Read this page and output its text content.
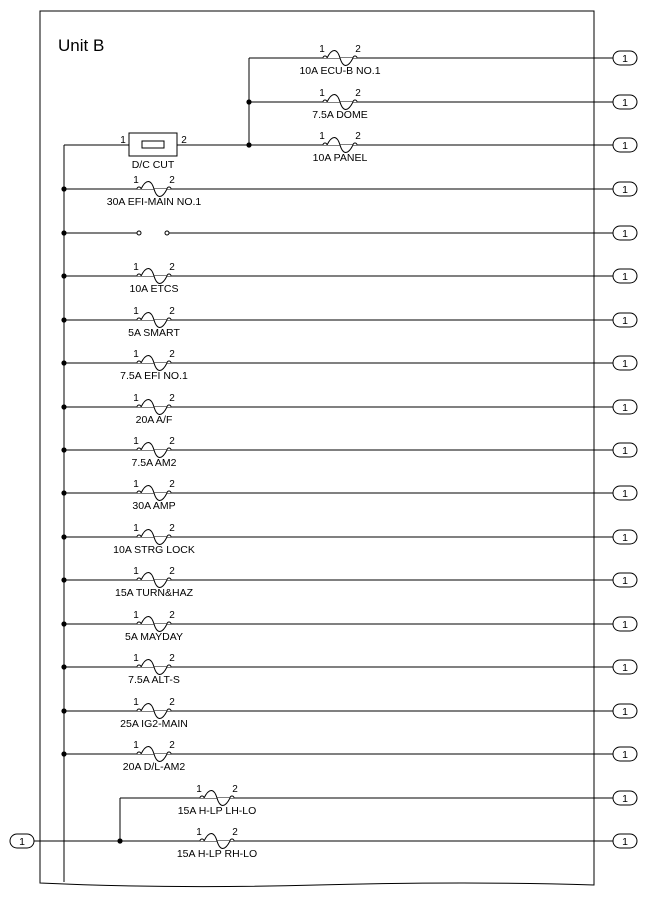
Unit B
1	2
D/C CUT
1	2
10A ECU-B NO.1
1
1	2
7.5A DOME
1
1	2
10A PANEL
1
1	2
30A EFI-MAIN NO.1
1
1
1	2
10A ETCS
1
1	2
5A SMART
1
1	2
7.5A EFI NO.1
1
1	2
20A A/F
1
1	2
7.5A AM2
1
1	2
30A AMP
1
1	2
10A STRG LOCK
1
1	2
15A TURN&HAZ
1
1	2
5A MAYDAY
1
1	2
7.5A ALT-S
1
1	2
25A IG2-MAIN
1
1	2
20A D/L-AM2
1
1
1	2
15A H-LP LH-LO
1
1	2
15A H-LP RH-LO
1
